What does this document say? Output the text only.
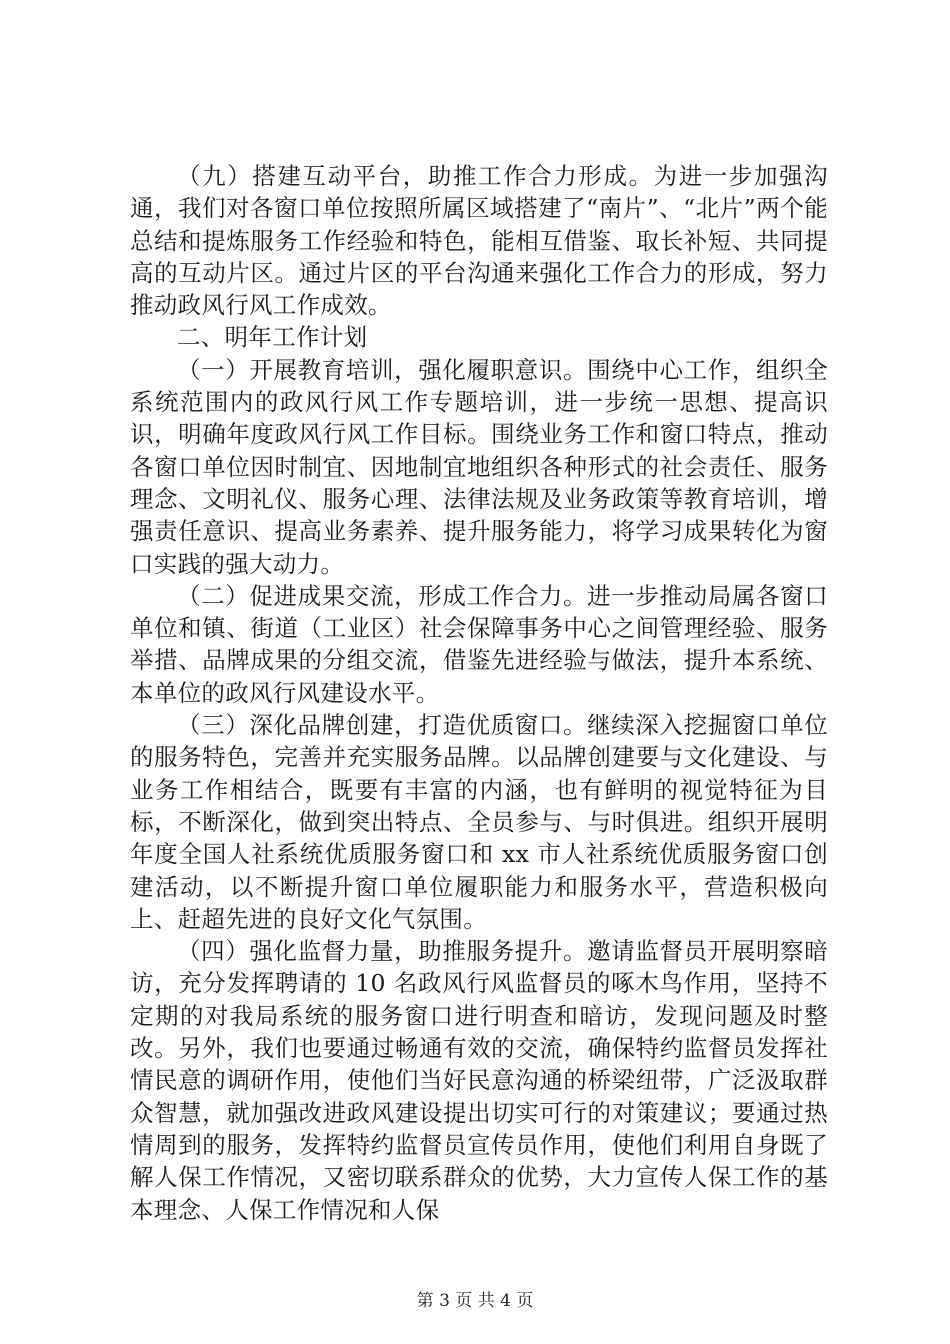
（九）搭建互动平台，助推工作合力形成。为进一步加强沟通，我们对各窗口单位按照所属区域搭建了“南片”、“北片”两个能总结和提炼服务工作经验和特色，能相互借鉴、取长补短、共同提高的互动片区。通过片区的平台沟通来强化工作合力的形成，努力推动政风行风工作成效。

二、明年工作计划

（一）开展教育培训，强化履职意识。围绕中心工作，组织全系统范围内的政风行风工作专题培训，进一步统一思想、提高识识，明确年度政风行风工作目标。围绕业务工作和窗口特点，推动各窗口单位因时制宜、因地制宜地组织各种形式的社会责任、服务理念、文明礼仪、服务心理、法律法规及业务政策等教育培训，增强责任意识、提高业务素养、提升服务能力，将学习成果转化为窗口实践的强大动力。

（二）促进成果交流，形成工作合力。进一步推动局属各窗口单位和镇、街道（工业区）社会保障事务中心之间管理经验、服务举措、品牌成果的分组交流，借鉴先进经验与做法，提升本系统、本单位的政风行风建设水平。

（三）深化品牌创建，打造优质窗口。继续深入挖掘窗口单位的服务特色，完善并充实服务品牌。以品牌创建要与文化建设、与业务工作相结合，既要有丰富的内涵，也有鲜明的视觉特征为目标，不断深化，做到突出特点、全员参与、与时俱进。组织开展明年度全国人社系统优质服务窗口和 xx 市人社系统优质服务窗口创建活动，以不断提升窗口单位履职能力和服务水平，营造积极向上、赶超先进的良好文化气氛围。

（四）强化监督力量，助推服务提升。邀请监督员开展明察暗访，充分发挥聘请的 10 名政风行风监督员的啄木鸟作用，坚持不定期的对我局系统的服务窗口进行明查和暗访，发现问题及时整改。另外，我们也要通过畅通有效的交流，确保特约监督员发挥社情民意的调研作用，使他们当好民意沟通的桥梁纽带，广泛汲取群众智慧，就加强改进政风建设提出切实可行的对策建议；要通过热情周到的服务，发挥特约监督员宣传员作用，使他们利用自身既了解人保工作情况，又密切联系群众的优势，大力宣传人保工作的基本理念、人保工作情况和人保

第 3 页 共 4 页
